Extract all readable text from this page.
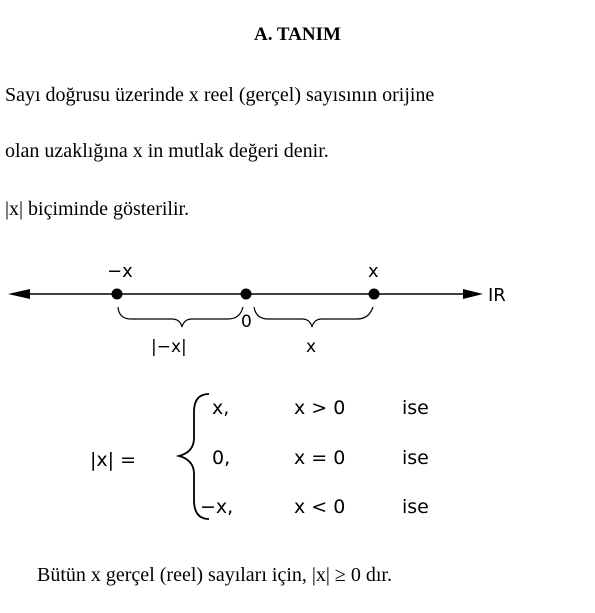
A. TANIM
Sayı doğrusu üzerinde x reel (gerçel) sayısının orijine
olan uzaklığına x in mutlak değeri denir.
|x| biçiminde gösterilir.
−x	x
IR
0
|−x|	x
|x| =
x,	x > 0	ise
0,	x = 0	ise
−x,	x < 0	ise
Bütün x gerçel (reel) sayıları için, |x| ≥ 0 dır.
